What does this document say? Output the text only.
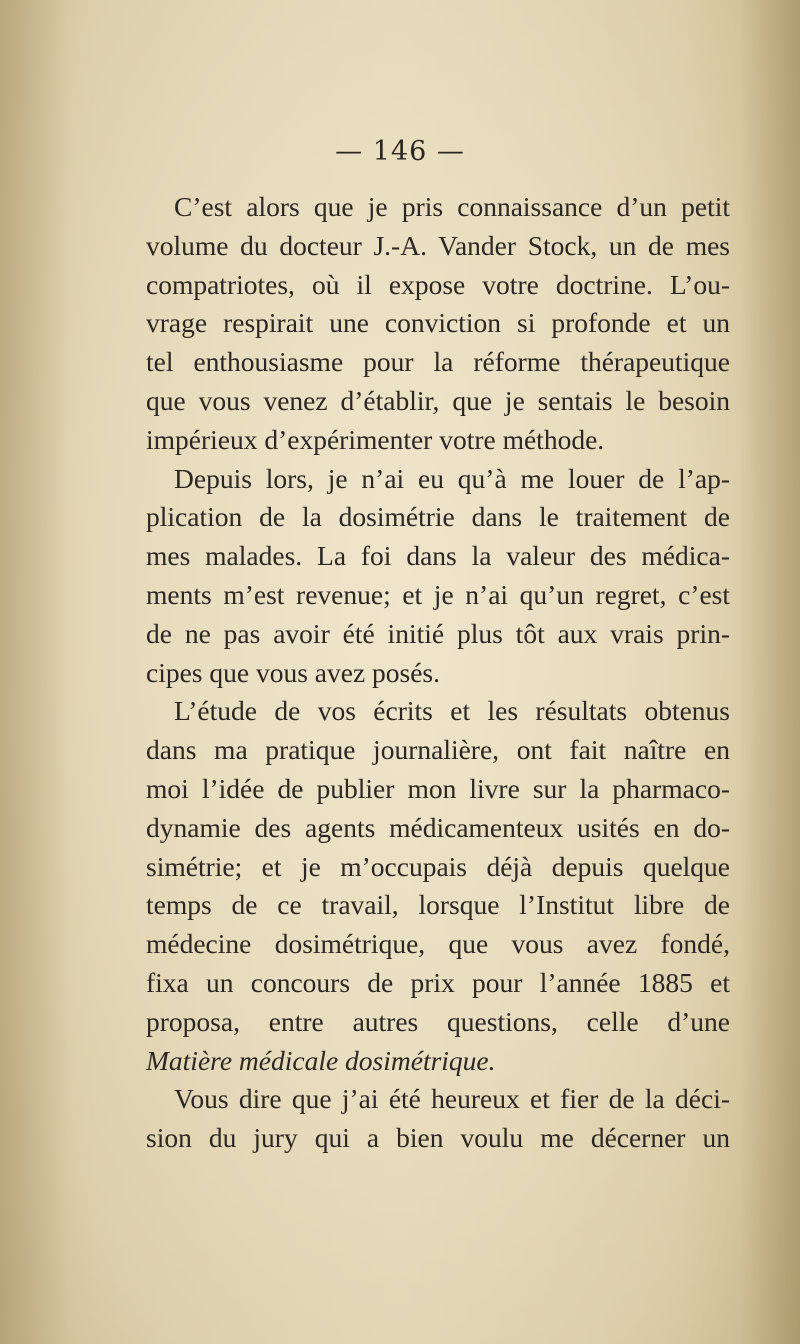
— 146 —
C’est alors que je pris connaissance d’un petit
volume du docteur J.-A. Vander Stock, un de mes
compatriotes, où il expose votre doctrine. L’ou-
vrage respirait une conviction si profonde et un
tel enthousiasme pour la réforme thérapeutique
que vous venez d’établir, que je sentais le besoin
impérieux d’expérimenter votre méthode.
Depuis lors, je n’ai eu qu’à me louer de l’ap-
plication de la dosimétrie dans le traitement de
mes malades. La foi dans la valeur des médica-
ments m’est revenue; et je n’ai qu’un regret, c’est
de ne pas avoir été initié plus tôt aux vrais prin-
cipes que vous avez posés.
L’étude de vos écrits et les résultats obtenus
dans ma pratique journalière, ont fait naître en
moi l’idée de publier mon livre sur la pharmaco-
dynamie des agents médicamenteux usités en do-
simétrie; et je m’occupais déjà depuis quelque
temps de ce travail, lorsque l’Institut libre de
médecine dosimétrique, que vous avez fondé,
fixa un concours de prix pour l’année 1885 et
proposa, entre autres questions, celle d’une
Matière médicale dosimétrique.
Vous dire que j’ai été heureux et fier de la déci-
sion du jury qui a bien voulu me décerner un
